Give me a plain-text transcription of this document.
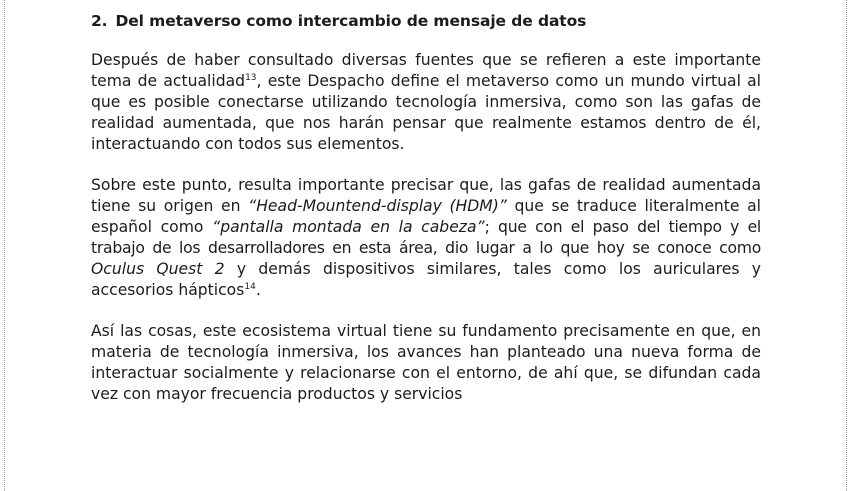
2. Del metaverso como intercambio de mensaje de datos

Después de haber consultado diversas fuentes que se refieren a este importante tema de actualidad$^{13}$, este Despacho define el metaverso como un mundo virtual al que es posible conectarse utilizando tecnología inmersiva, como son las gafas de realidad aumentada, que nos harán pensar que realmente estamos dentro de él, interactuando con todos sus elementos.

Sobre este punto, resulta importante precisar que, las gafas de realidad aumentada tiene su origen en “Head-Mountend-display (HDM)” que se traduce literalmente al español como “pantalla montada en la cabeza”; que con el paso del tiempo y el trabajo de los desarrolladores en esta área, dio lugar a lo que hoy se conoce como Oculus Quest 2 y demás dispositivos similares, tales como los auriculares y accesorios hápticos$^{14}$.

Así las cosas, este ecosistema virtual tiene su fundamento precisamente en que, en materia de tecnología inmersiva, los avances han planteado una nueva forma de interactuar socialmente y relacionarse con el entorno, de ahí que, se difundan cada vez con mayor frecuencia productos y servicios
